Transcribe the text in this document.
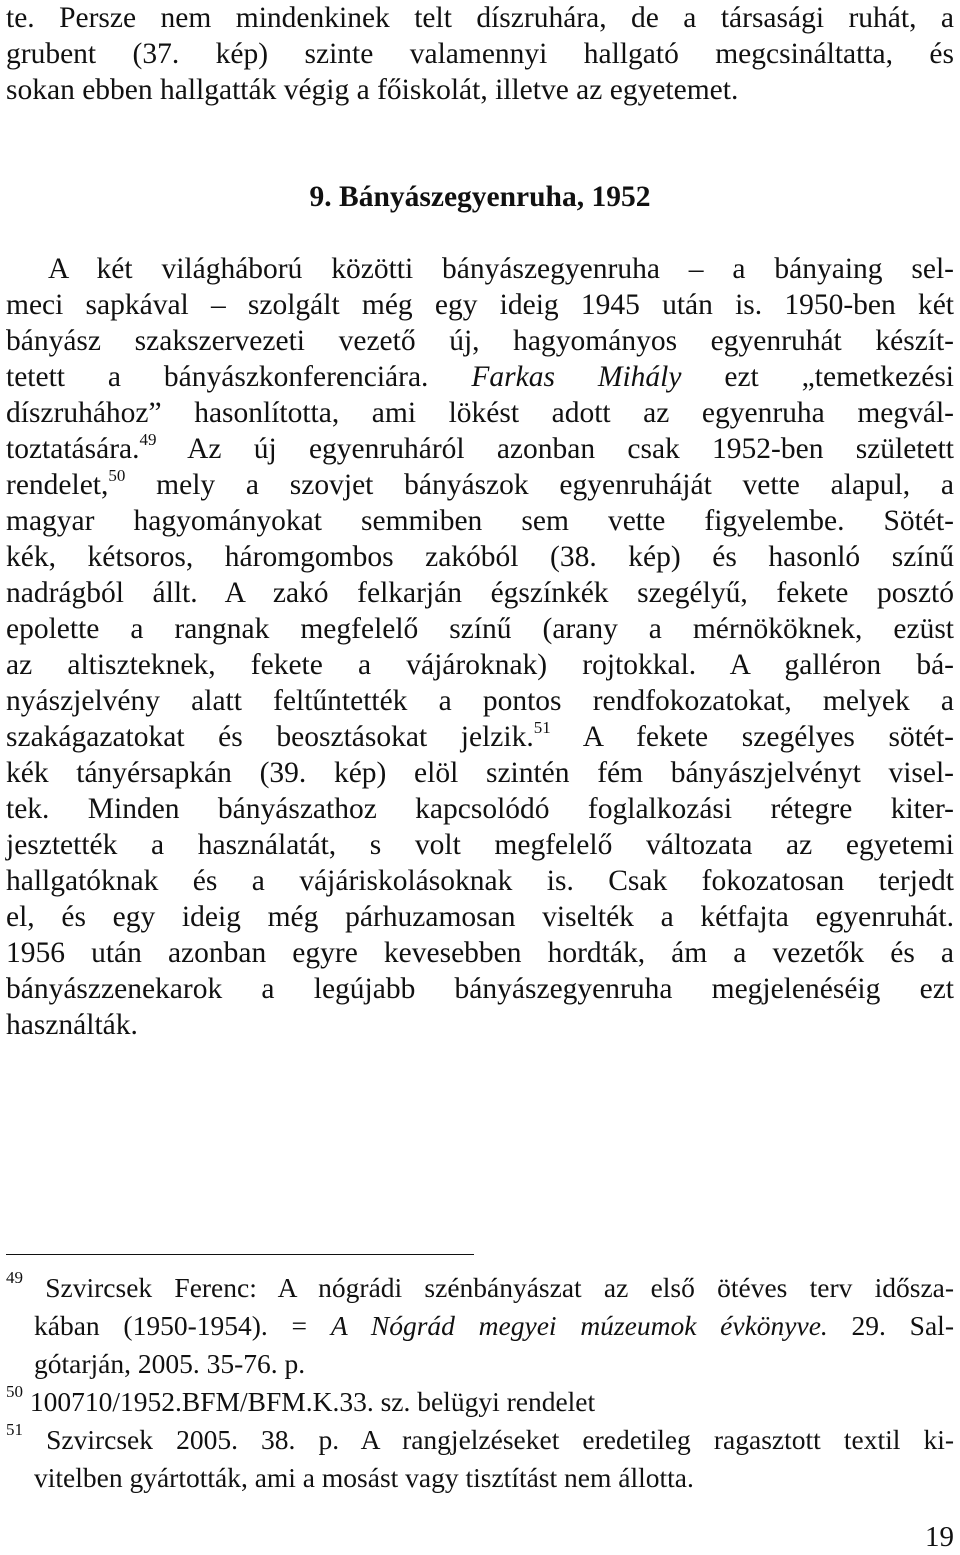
te. Persze nem mindenkinek telt díszruhára, de a társasági ruhát, a
grubent (37. kép) szinte valamennyi hallgató megcsináltatta, és
sokan ebben hallgatták végig a főiskolát, illetve az egyetemet.
9. Bányászegyenruha, 1952
A két világháború közötti bányászegyenruha – a bányaing sel-
meci sapkával – szolgált még egy ideig 1945 után is. 1950-ben két
bányász szakszervezeti vezető új, hagyományos egyenruhát készít-
tetett a bányászkonferenciára. Farkas Mihály ezt „temetkezési
díszruhához” hasonlította, ami lökést adott az egyenruha megvál-
toztatására.$^{49}$ Az új egyenruháról azonban csak 1952-ben született
rendelet,$^{50}$ mely a szovjet bányászok egyenruháját vette alapul, a
magyar hagyományokat semmiben sem vette figyelembe. Sötét-
kék, kétsoros, háromgombos zakóból (38. kép) és hasonló színű
nadrágból állt. A zakó felkarján égszínkék szegélyű, fekete posztó
epolette a rangnak megfelelő színű (arany a mérnököknek, ezüst
az altiszteknek, fekete a vájároknak) rojtokkal. A galléron bá-
nyászjelvény alatt feltűntették a pontos rendfokozatokat, melyek a
szakágazatokat és beosztásokat jelzik.$^{51}$ A fekete szegélyes sötét-
kék tányérsapkán (39. kép) elöl szintén fém bányászjelvényt visel-
tek. Minden bányászathoz kapcsolódó foglalkozási rétegre kiter-
jesztették a használatát, s volt megfelelő változata az egyetemi
hallgatóknak és a vájáriskolásoknak is. Csak fokozatosan terjedt
el, és egy ideig még párhuzamosan viselték a kétfajta egyenruhát.
1956 után azonban egyre kevesebben hordták, ám a vezetők és a
bányászzenekarok a legújabb bányászegyenruha megjelenéséig ezt
használták.
$^{49}$ Szvircsek Ferenc: A nógrádi szénbányászat az első ötéves terv idősza-
kában (1950-1954). = A Nógrád megyei múzeumok évkönyve. 29. Sal-
gótarján, 2005. 35-76. p.
$^{50}$ 100710/1952.BFM/BFM.K.33. sz. belügyi rendelet
$^{51}$ Szvircsek 2005. 38. p. A rangjelzéseket eredetileg ragasztott textil ki-
vitelben gyártották, ami a mosást vagy tisztítást nem állotta.
19
